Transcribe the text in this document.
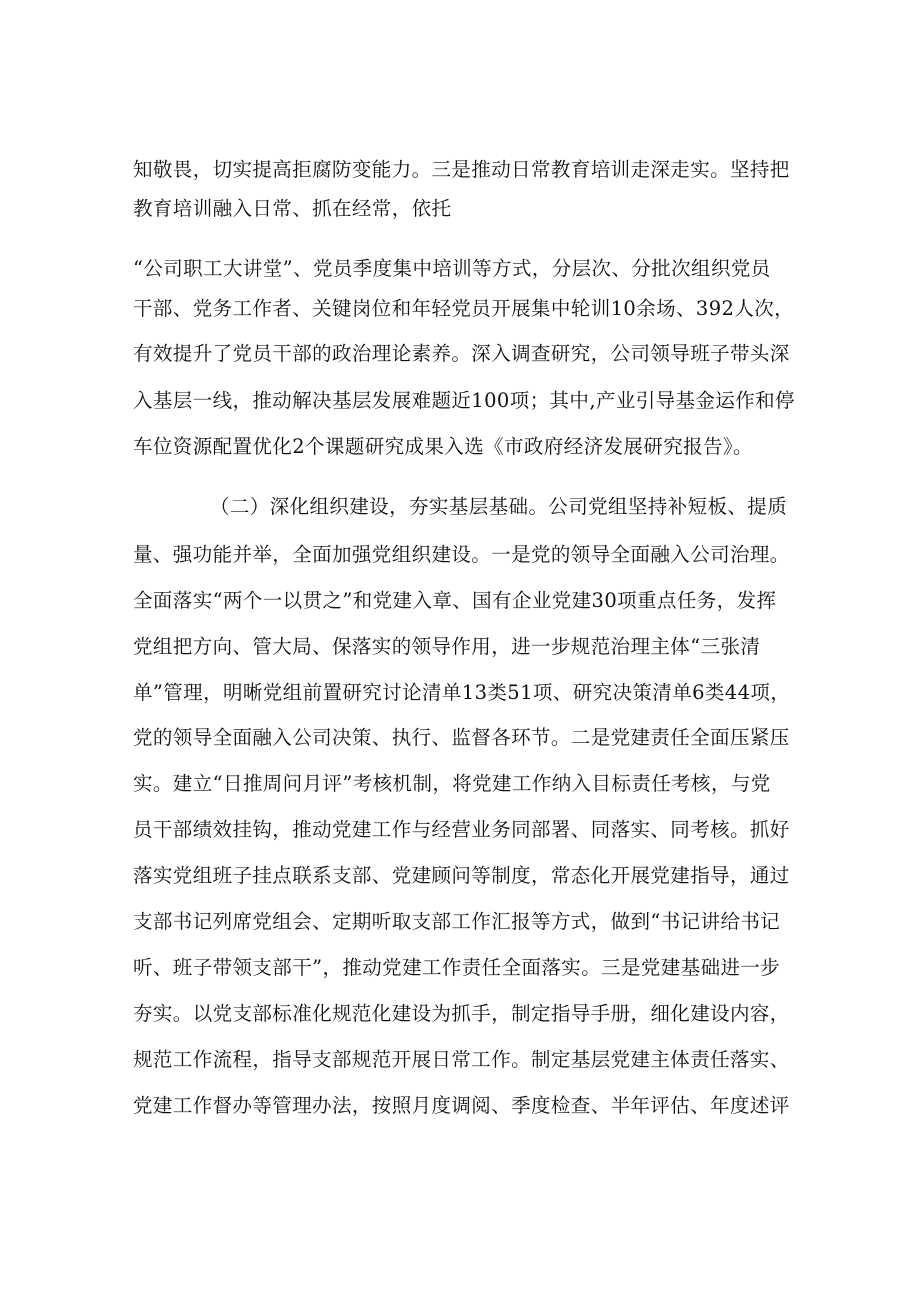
知敬畏，切实提高拒腐防变能力。三是推动日常教育培训走深走实。坚持把
教育培训融入日常、抓在经常，依托
“公司职工大讲堂”、党员季度集中培训等方式，分层次、分批次组织党员
干部、党务工作者、关键岗位和年轻党员开展集中轮训10余场、392人次，
有效提升了党员干部的政治理论素养。深入调查研究，公司领导班子带头深
入基层一线，推动解决基层发展难题近100项；其中,产业引导基金运作和停
车位资源配置优化2个课题研究成果入选《市政府经济发展研究报告》。
（二）深化组织建设，夯实基层基础。公司党组坚持补短板、提质
量、强功能并举，全面加强党组织建设。一是党的领导全面融入公司治理。
全面落实“两个一以贯之”和党建入章、国有企业党建30项重点任务，发挥
党组把方向、管大局、保落实的领导作用，进一步规范治理主体“三张清
单”管理，明晰党组前置研究讨论清单13类51项、研究决策清单6类44项，
党的领导全面融入公司决策、执行、监督各环节。二是党建责任全面压紧压
实。建立“日推周问月评”考核机制，将党建工作纳入目标责任考核，与党
员干部绩效挂钩，推动党建工作与经营业务同部署、同落实、同考核。抓好
落实党组班子挂点联系支部、党建顾问等制度，常态化开展党建指导，通过
支部书记列席党组会、定期听取支部工作汇报等方式，做到“书记讲给书记
听、班子带领支部干”，推动党建工作责任全面落实。三是党建基础进一步
夯实。以党支部标准化规范化建设为抓手，制定指导手册，细化建设内容，
规范工作流程，指导支部规范开展日常工作。制定基层党建主体责任落实、
党建工作督办等管理办法，按照月度调阅、季度检查、半年评估、年度述评
